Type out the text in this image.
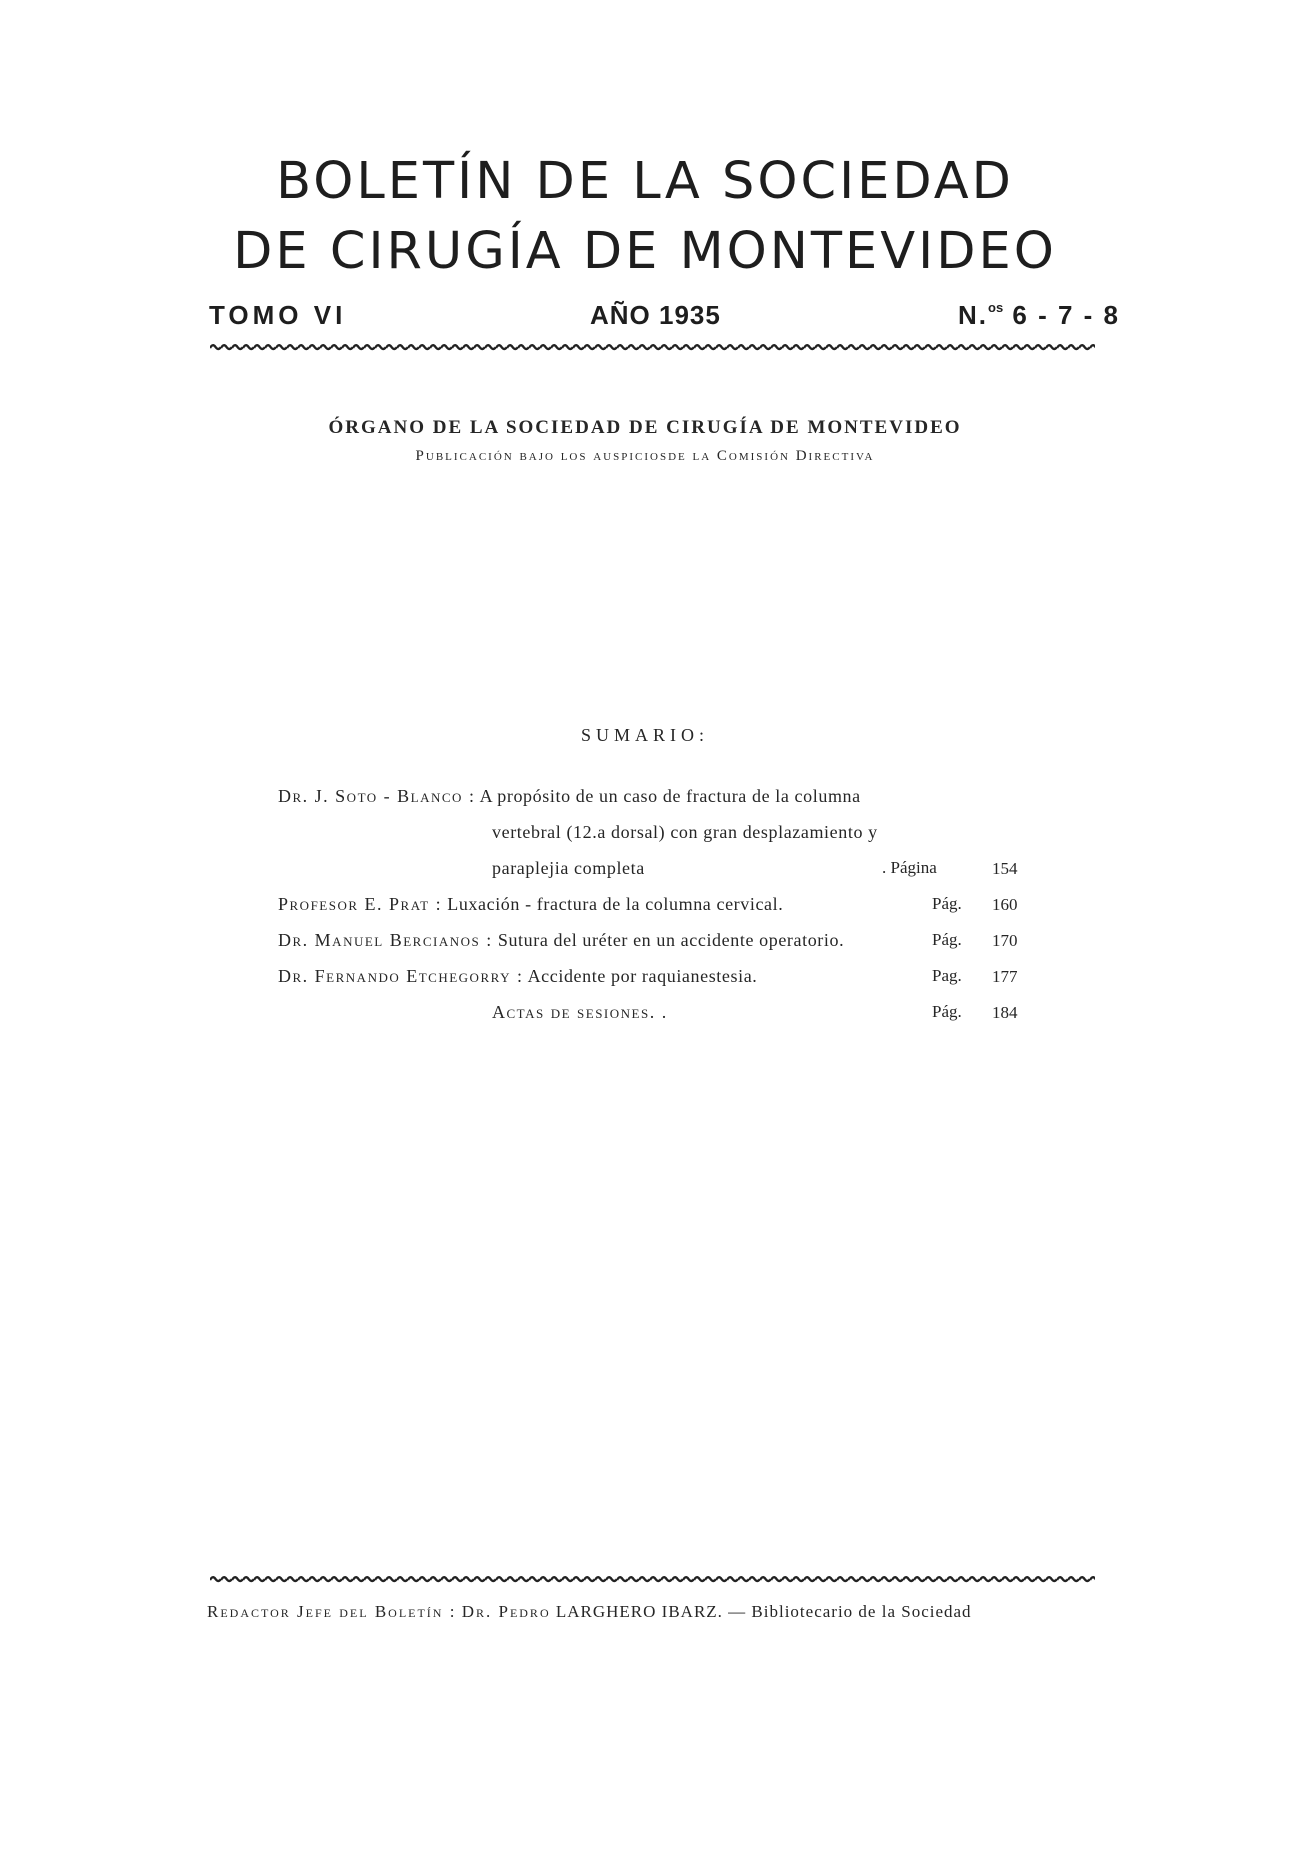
BOLETÍN DE LA SOCIEDAD
DE CIRUGÍA DE MONTEVIDEO
TOMO VI	AÑO 1935	N.$^{os}$ 6 - 7 - 8
ÓRGANO DE LA SOCIEDAD DE CIRUGÍA DE MONTEVIDEO
Publicación bajo los auspiciosde la Comisión Directiva
SUMARIO:
Dr. J. Soto - Blanco : A propósito de un caso de fractura de la columna
vertebral (12.a dorsal) con gran desplazamiento y
paraplejia completa	. Página	154
Profesor E. Prat : Luxación - fractura de la columna cervical.	Pág. 160
Dr. Manuel Bercianos : Sutura del uréter en un accidente operatorio.	Pág. 170
Dr. Fernando Etchegorry : Accidente por raquianestesia.	Pag. 177
Actas de sesiones. .	Pág. 184
Redactor Jefe del Boletín : Dr. Pedro LARGHERO IBARZ. — Bibliotecario de la Sociedad
